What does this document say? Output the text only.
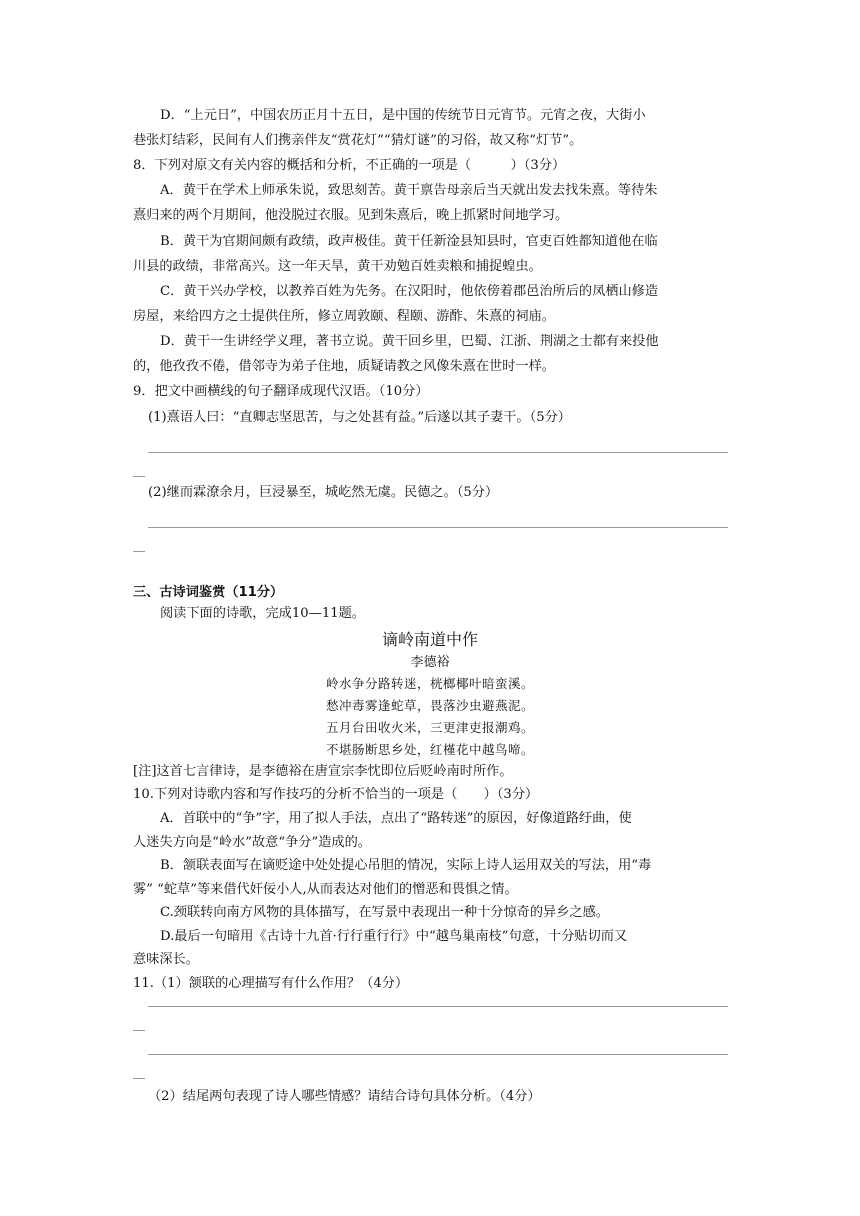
D．“上元日”，中国农历正月十五日，是中国的传统节日元宵节。元宵之夜，大街小
巷张灯结彩，民间有人们携亲伴友“赏花灯”“猜灯谜”的习俗，故又称“灯节”。
8．下列对原文有关内容的概括和分析，不正确的一项是（　　　）（3分）
A．黄干在学术上师承朱说，致思刻苦。黄干禀告母亲后当天就出发去找朱熹。等待朱
熹归来的两个月期间，他没脱过衣服。见到朱熹后，晚上抓紧时间地学习。
B．黄干为官期间颇有政绩，政声极佳。黄干任新淦县知县时，官吏百姓都知道他在临
川县的政绩，非常高兴。这一年天旱，黄干劝勉百姓卖粮和捕捉蝗虫。
C．黄干兴办学校，以教养百姓为先务。在汉阳时，他依傍着郡邑治所后的凤栖山修造
房屋，来给四方之士提供住所，修立周敦颐、程颐、游酢、朱熹的祠庙。
D．黄干一生讲经学义理，著书立说。黄干回乡里，巴蜀、江浙、荆湖之士都有来投他
的，他孜孜不倦，借邻寺为弟子住地，质疑请教之风像朱熹在世时一样。
9．把文中画横线的句子翻译成现代汉语。（10分）
(1)熹语人曰：“直卿志坚思苦，与之处甚有益。”后遂以其子妻干。（5分）
(2)继而霖潦余月，巨浸暴至，城屹然无虞。民德之。（5分）
三、古诗词鉴赏（11分）
阅读下面的诗歌，完成10—11题。
谪岭南道中作
李德裕
岭水争分路转迷，桄榔椰叶暗蛮溪。
愁冲毒雾逢蛇草，畏落沙虫避燕泥。
五月台田收火米，三更津吏报潮鸡。
不堪肠断思乡处，红槿花中越鸟啼。
[注]这首七言律诗，是李德裕在唐宣宗李忱即位后贬岭南时所作。
10.下列对诗歌内容和写作技巧的分析不恰当的一项是（　　）（3分）
A．首联中的“争”字，用了拟人手法，点出了“路转迷”的原因，好像道路纡曲，使
人迷失方向是“岭水”故意“争分”造成的。
B．颔联表面写在谪贬途中处处提心吊胆的情况，实际上诗人运用双关的写法，用“毒
雾” “蛇草”等来借代奸佞小人,从而表达对他们的憎恶和畏惧之情。
C.颈联转向南方风物的具体描写，在写景中表现出一种十分惊奇的异乡之感。
D.最后一句暗用《古诗十九首·行行重行行》中“越鸟巢南枝”句意，十分贴切而又
意味深长。
11.（1）颔联的心理描写有什么作用？（4分）
（2）结尾两句表现了诗人哪些情感？请结合诗句具体分析。（4分）
